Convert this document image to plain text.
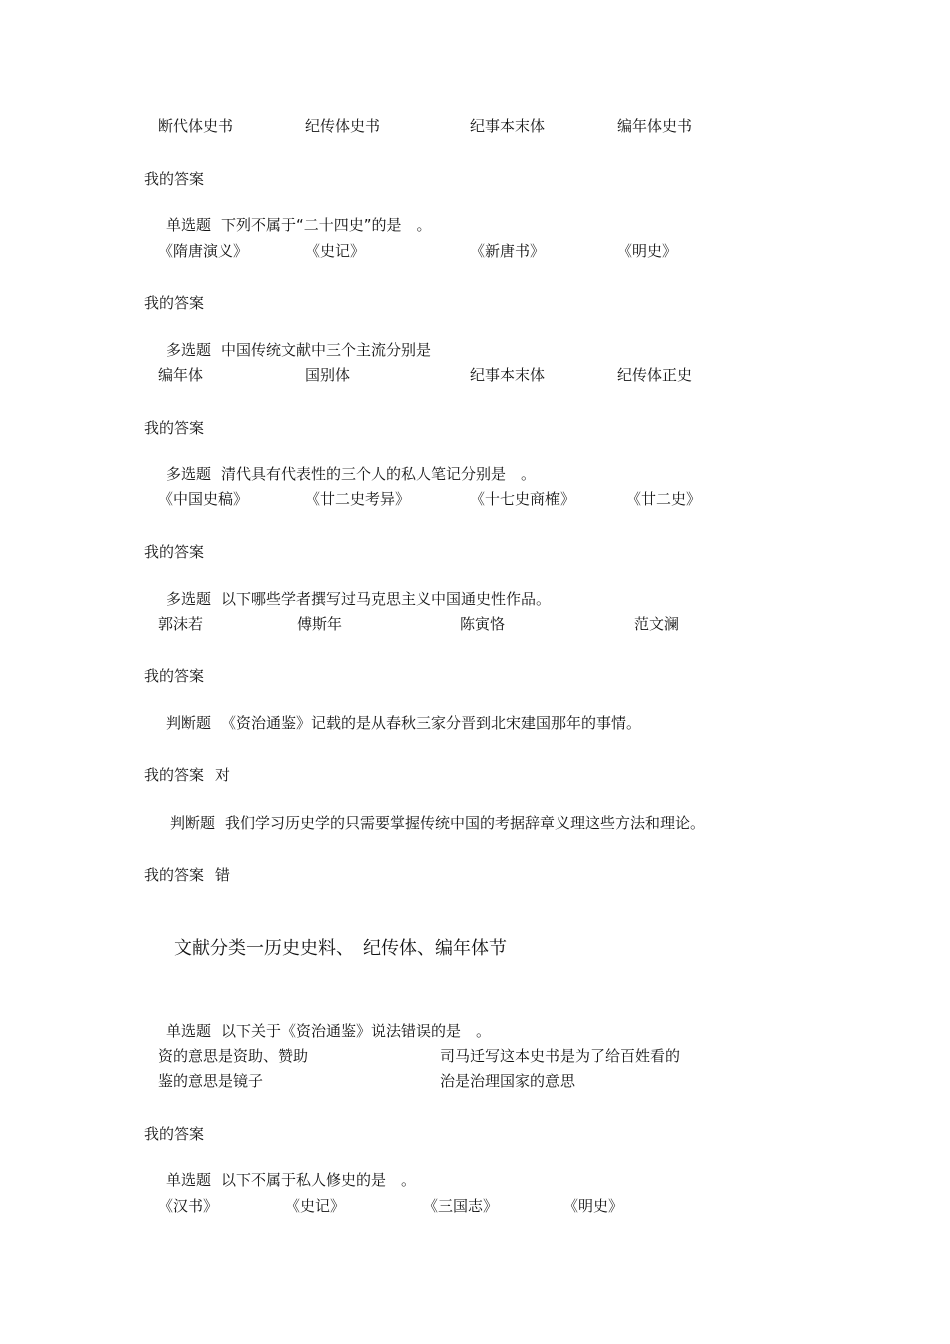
断代体史书	纪传体史书	纪事本末体	编年体史书
我的答案
单选题 下列不属于“二十四史”的是　。
《隋唐演义》	《史记》	《新唐书》	《明史》
我的答案
多选题 中国传统文献中三个主流分别是
编年体	国别体	纪事本末体	纪传体正史
我的答案
多选题 清代具有代表性的三个人的私人笔记分别是　。
《中国史稿》	《廿二史考异》	《十七史商榷》	《廿二史》
我的答案
多选题 以下哪些学者撰写过马克思主义中国通史性作品。
郭沫若	傅斯年	陈寅恪	范文澜
我的答案
判断题 《资治通鉴》记载的是从春秋三家分晋到北宋建国那年的事情。
我的答案 对
判断题 我们学习历史学的只需要掌握传统中国的考据辞章义理这些方法和理论。
我的答案 错
文献分类一历史史料、　纪传体、编年体节
单选题 以下关于《资治通鉴》说法错误的是　。
资的意思是资助、赞助	司马迁写这本史书是为了给百姓看的
鉴的意思是镜子	治是治理国家的意思
我的答案
单选题 以下不属于私人修史的是　。
《汉书》	《史记》	《三国志》	《明史》
